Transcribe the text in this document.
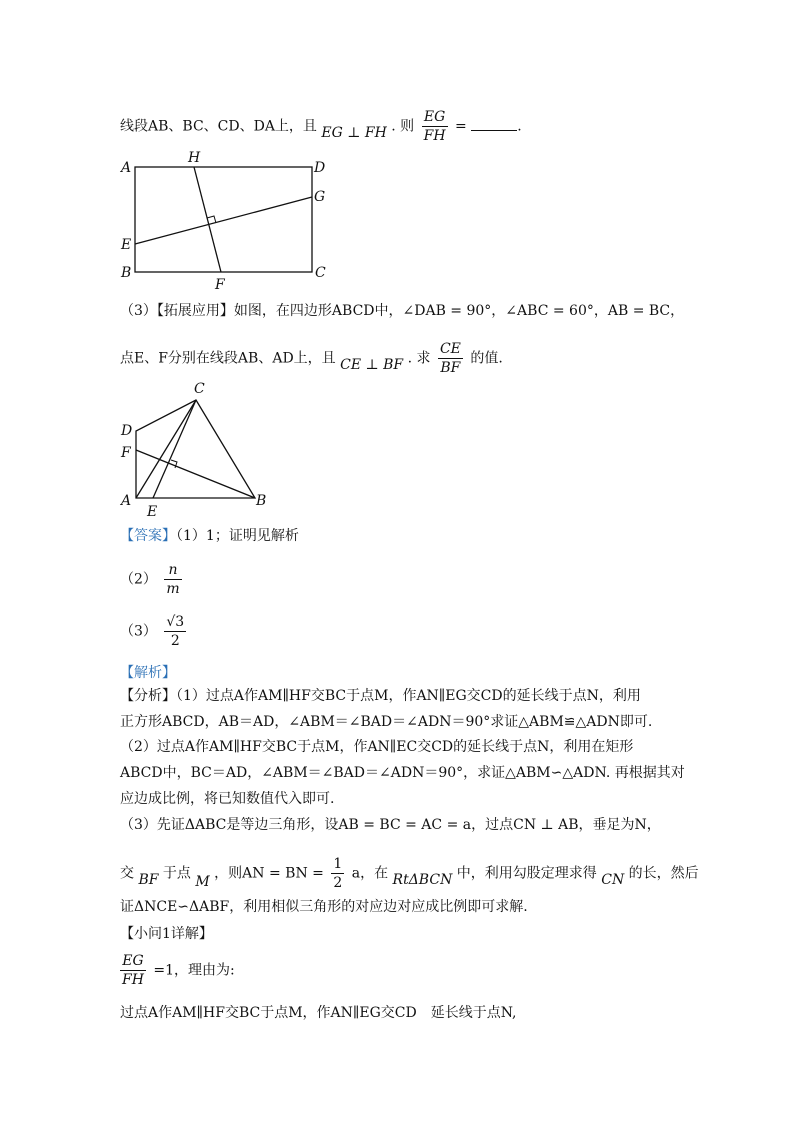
线段AB、BC、CD、DA上，且 EG ⊥ FH . 则 $\frac{EG}{FH}$ =	.
A
H
D
G
E
B
F
C
（3）【拓展应用】如图，在四边形ABCD中，∠DAB = 90°，∠ABC = 60°，AB = BC，
点E、F分别在线段AB、AD上，且 CE ⊥ BF . 求 $\frac{CE}{BF}$ 的值.
C
D
F
A
E
B
【答案】（1）1；证明见解析
$(2) \frac{n}{m}$
$(3) \frac{√3}{2}$
【解析】
【分析】（1）过点A作AM∥HF交BC于点M，作AN∥EG交CD的延长线于点N，利用
正方形ABCD，AB＝AD，∠ABM＝∠BAD＝∠ADN＝90°求证△ABM≌△ADN即可.
（2）过点A作AM∥HF交BC于点M，作AN∥EC交CD的延长线于点N，利用在矩形
ABCD中，BC＝AD，∠ABM＝∠BAD＝∠ADN＝90°，求证△ABM∽△ADN. 再根据其对
应边成比例，将已知数值代入即可.
（3）先证ΔABC是等边三角形，设AB = BC = AC = a，过点CN ⊥ AB，垂足为N，
交 BF 于点 M ，则AN = BN = $\frac{1}{2}$ a，在 RtΔBCN 中，利用勾股定理求得 CN 的长，然后
证ΔNCE∽ΔABF，利用相似三角形的对应边对应成比例即可求解.
【小问1详解】
$\frac{EG}{FH} =1$，理由为:
过点A作AM∥HF交BC于点M，作AN∥EG交CD　延长线于点N,
